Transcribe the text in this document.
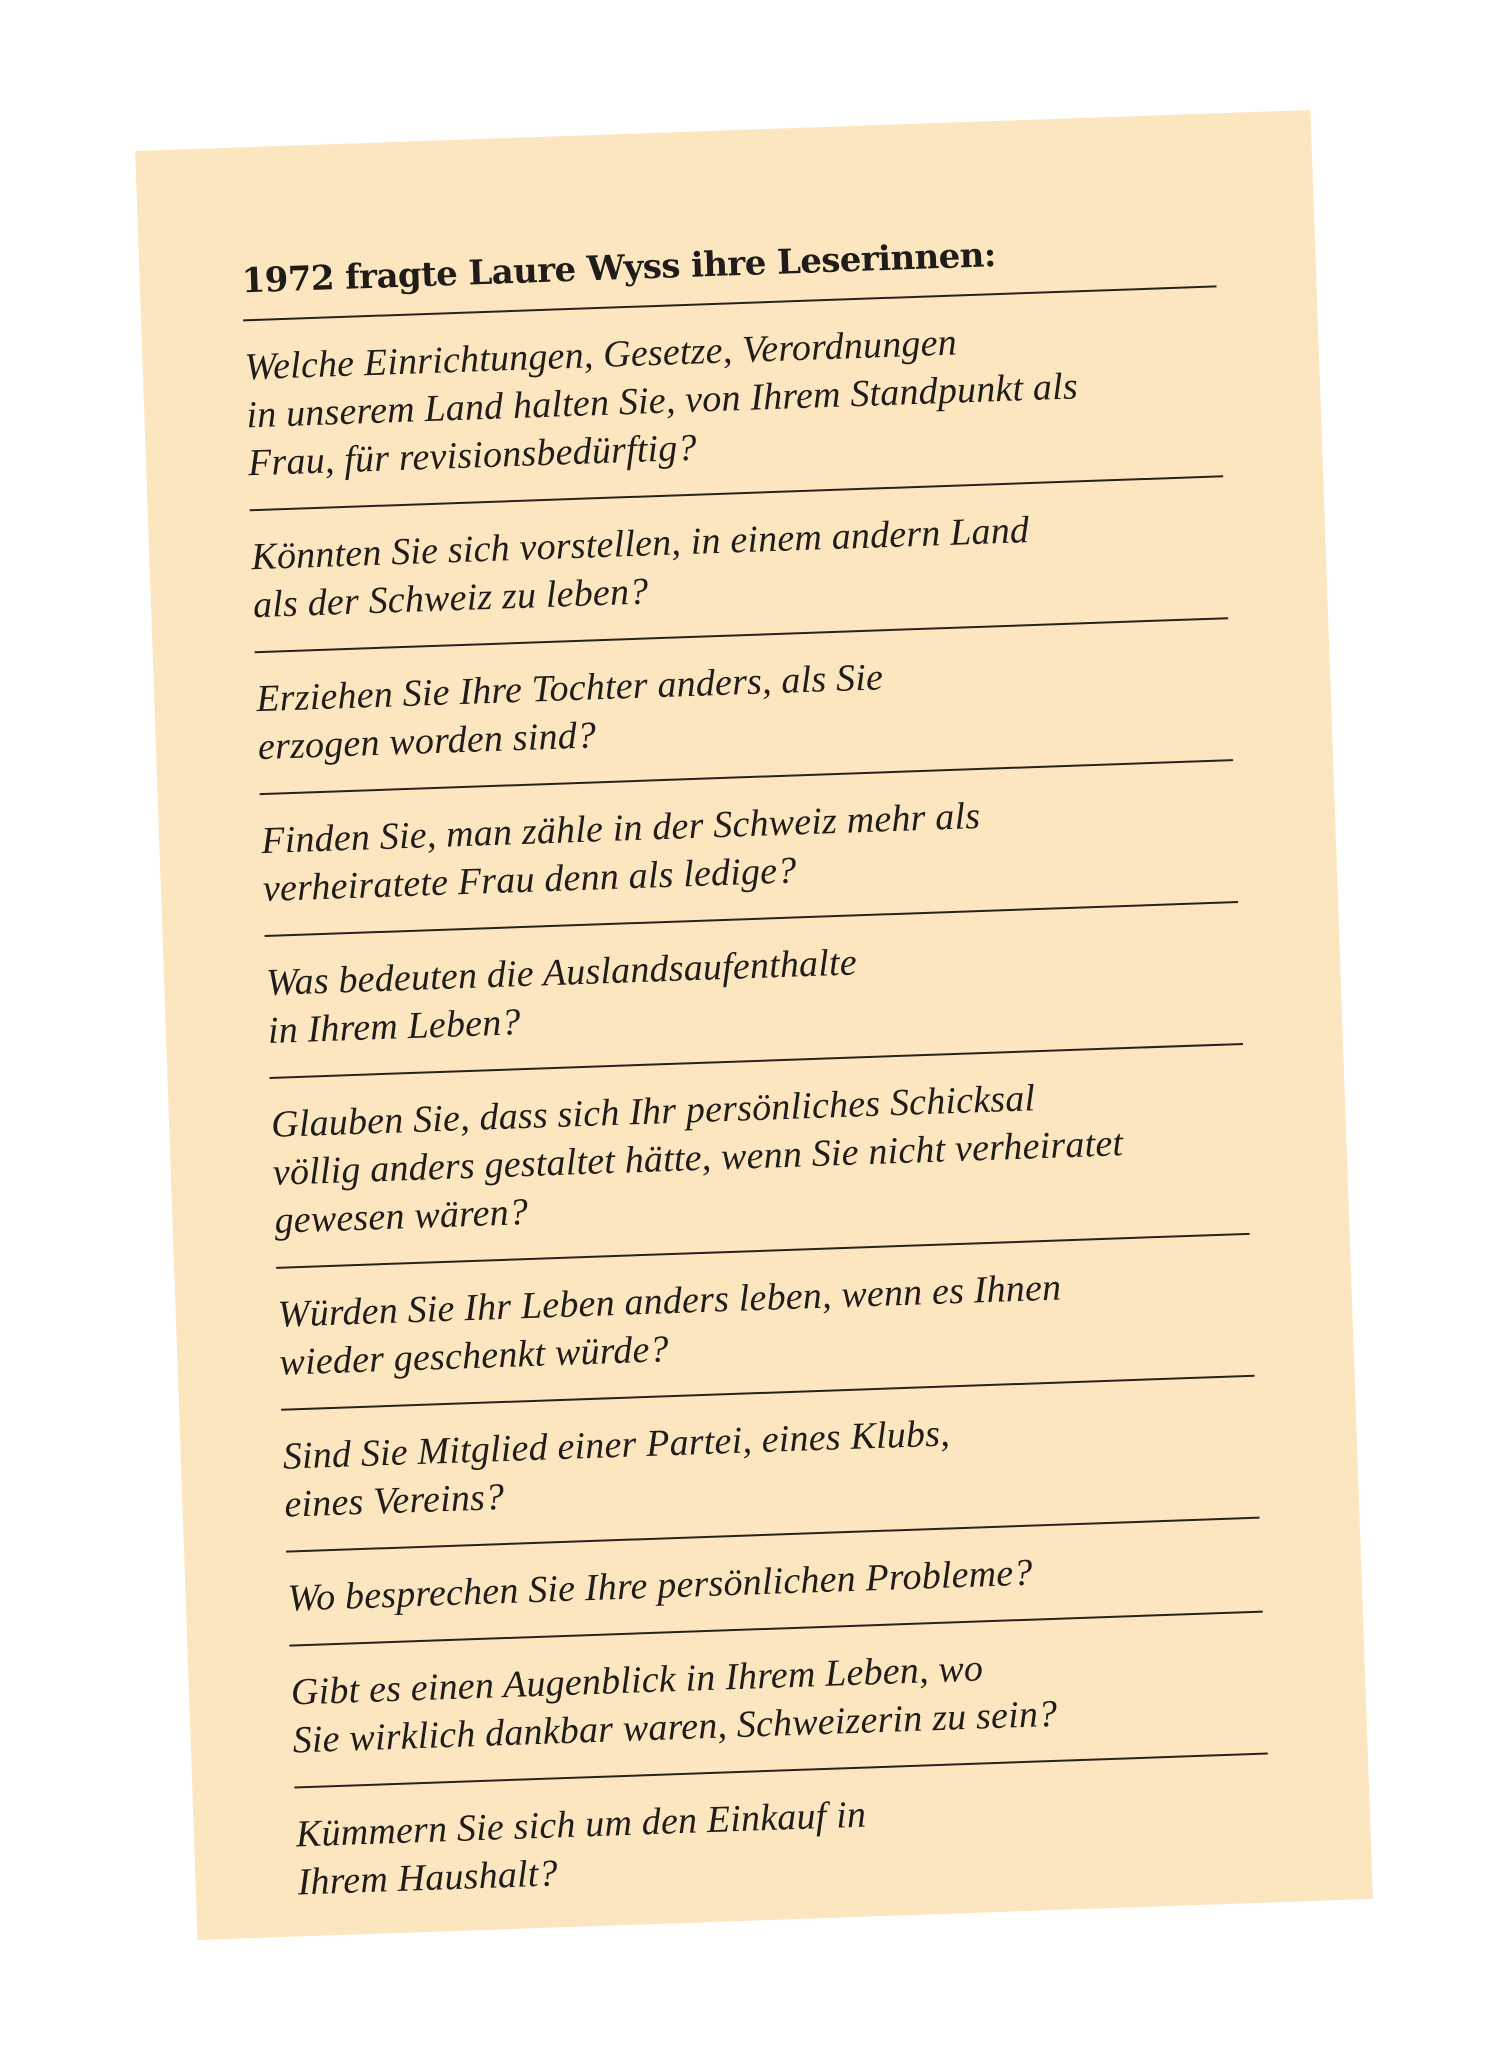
1972 fragte Laure Wyss ihre Leserinnen:
Welche Einrichtungen, Gesetze, Verordnungen
in unserem Land halten Sie, von Ihrem Standpunkt als
Frau, für revisionsbedürftig?
Könnten Sie sich vorstellen, in einem andern Land
als der Schweiz zu leben?
Erziehen Sie Ihre Tochter anders, als Sie
erzogen worden sind?
Finden Sie, man zähle in der Schweiz mehr als
verheiratete Frau denn als ledige?
Was bedeuten die Auslandsaufenthalte
in Ihrem Leben?
Glauben Sie, dass sich Ihr persönliches Schicksal
völlig anders gestaltet hätte, wenn Sie nicht verheiratet
gewesen wären?
Würden Sie Ihr Leben anders leben, wenn es Ihnen
wieder geschenkt würde?
Sind Sie Mitglied einer Partei, eines Klubs,
eines Vereins?
Wo besprechen Sie Ihre persönlichen Probleme?
Gibt es einen Augenblick in Ihrem Leben, wo
Sie wirklich dankbar waren, Schweizerin zu sein?
Kümmern Sie sich um den Einkauf in
Ihrem Haushalt?
